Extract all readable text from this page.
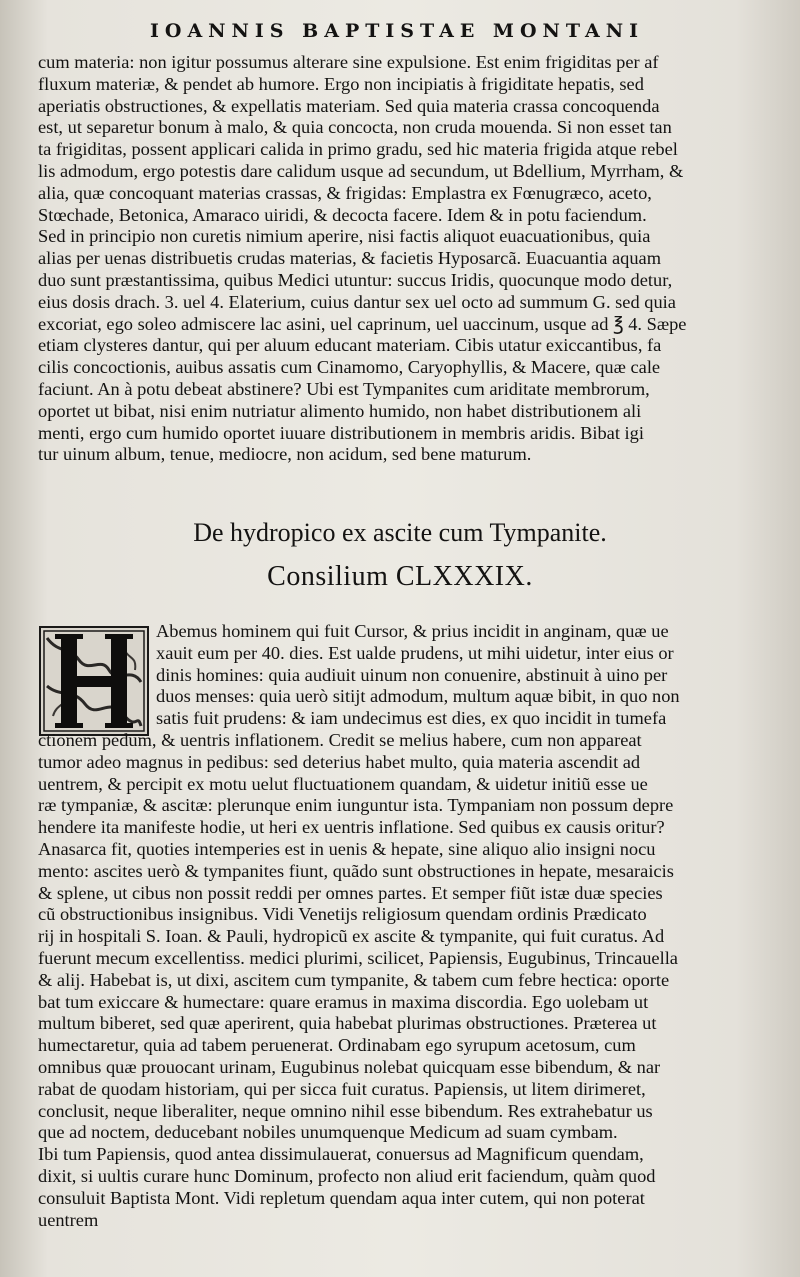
IOANNIS BAPTISTAE MONTANI
cum materia: non igitur possumus alterare sine expulsione. Est enim frigiditas per af
fluxum materiæ, & pendet ab humore. Ergo non incipiatis à frigiditate hepatis, sed
aperiatis obstructiones, & expellatis materiam. Sed quia materia crassa concoquenda
est, ut separetur bonum à malo, & quia concocta, non cruda mouenda. Si non esset tan
ta frigiditas, possent applicari calida in primo gradu, sed hic materia frigida atque rebel
lis admodum, ergo potestis dare calidum usque ad secundum, ut Bdellium, Myrrham, &
alia, quæ concoquant materias crassas, & frigidas: Emplastra ex Fœnugræco, aceto,
Stœchade, Betonica, Amaraco uiridi, & decocta facere. Idem & in potu faciendum.
Sed in principio non curetis nimium aperire, nisi factis aliquot euacuationibus, quia
alias per uenas distribuetis crudas materias, & facietis Hyposarcã. Euacuantia aquam
duo sunt præstantissima, quibus Medici utuntur: succus Iridis, quocunque modo detur,
eius dosis drach. 3. uel 4. Elaterium, cuius dantur sex uel octo ad summum G. sed quia
excoriat, ego soleo admiscere lac asini, uel caprinum, uel uaccinum, usque ad ℥ 4. Sæpe
etiam clysteres dantur, qui per aluum educant materiam. Cibis utatur exiccantibus, fa
cilis concoctionis, auibus assatis cum Cinamomo, Caryophyllis, & Macere, quæ cale
faciunt. An à potu debeat abstinere? Ubi est Tympanites cum ariditate membrorum,
oportet ut bibat, nisi enim nutriatur alimento humido, non habet distributionem ali
menti, ergo cum humido oportet iuuare distributionem in membris aridis. Bibat igi
tur uinum album, tenue, mediocre, non acidum, sed bene maturum.
De hydropico ex ascite cum Tympanite.
Consilium CLXXXIX.
Abemus hominem qui fuit Cursor, & prius incidit in anginam, quæ ue
xauit eum per 40. dies. Est ualde prudens, ut mihi uidetur, inter eius or
dinis homines: quia audiuit uinum non conuenire, abstinuit à uino per
duos menses: quia uerò sitijt admodum, multum aquæ bibit, in quo non
satis fuit prudens: & iam undecimus est dies, ex quo incidit in tumefa
ctionem pedum, & uentris inflationem. Credit se melius habere, cum non appareat
tumor adeo magnus in pedibus: sed deterius habet multo, quia materia ascendit ad
uentrem, & percipit ex motu uelut fluctuationem quandam, & uidetur initiũ esse ue
ræ tympaniæ, & ascitæ: plerunque enim iunguntur ista. Tympaniam non possum depre
hendere ita manifeste hodie, ut heri ex uentris inflatione. Sed quibus ex causis oritur?
Anasarca fit, quoties intemperies est in uenis & hepate, sine aliquo alio insigni nocu
mento: ascites uerò & tympanites fiunt, quãdo sunt obstructiones in hepate, mesaraicis
& splene, ut cibus non possit reddi per omnes partes. Et semper fiũt istæ duæ species
cũ obstructionibus insignibus. Vidi Venetijs religiosum quendam ordinis Prædicato
rij in hospitali S. Ioan. & Pauli, hydropicũ ex ascite & tympanite, qui fuit curatus. Ad
fuerunt mecum excellentiss. medici plurimi, scilicet, Papiensis, Eugubinus, Trincauella
& alij. Habebat is, ut dixi, ascitem cum tympanite, & tabem cum febre hectica: oporte
bat tum exiccare & humectare: quare eramus in maxima discordia. Ego uolebam ut
multum biberet, sed quæ aperirent, quia habebat plurimas obstructiones. Præterea ut
humectaretur, quia ad tabem peruenerat. Ordinabam ego syrupum acetosum, cum
omnibus quæ prouocant urinam, Eugubinus nolebat quicquam esse bibendum, & nar
rabat de quodam historiam, qui per sicca fuit curatus. Papiensis, ut litem dirimeret,
conclusit, neque liberaliter, neque omnino nihil esse bibendum. Res extrahebatur us
que ad noctem, deducebant nobiles unumquenque Medicum ad suam cymbam.
Ibi tum Papiensis, quod antea dissimulauerat, conuersus ad Magnificum quendam,
dixit, si uultis curare hunc Dominum, profecto non aliud erit faciendum, quàm quod
consuluit Baptista Mont. Vidi repletum quendam aqua inter cutem, qui non poterat
uentrem
